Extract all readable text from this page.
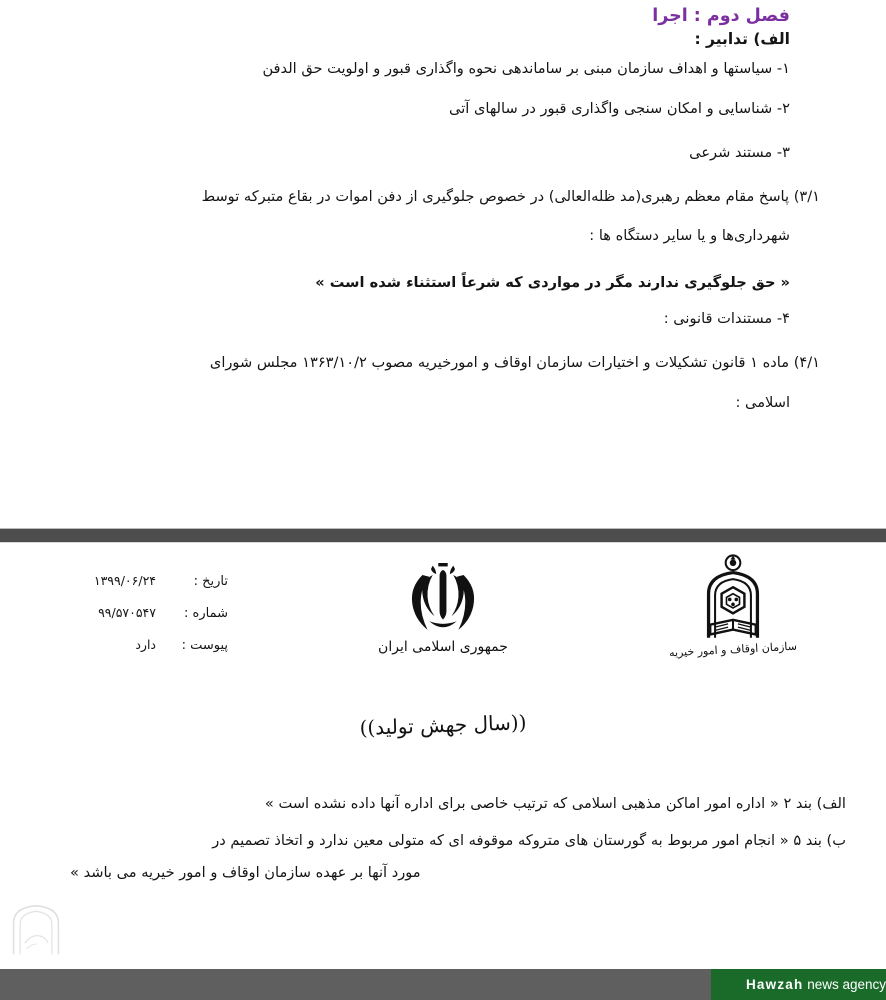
فصل دوم : اجرا
الف) تدابیر :
۱- سیاستها و اهداف سازمان مبنی بر ساماندهی نحوه واگذاری قبور و اولویت حق الدفن
۲- شناسایی و امکان سنجی واگذاری قبور در سالهای آتی
۳- مستند شرعی
۳/۱) پاسخ مقام معظم رهبری(مد ظله‌العالی) در خصوص جلوگیری از دفن اموات در بقاع متبرکه توسط
شهرداری‌ها و یا سایر دستگاه ها :
« حق جلوگیری ندارند مگر در مواردی که شرعاً استثناء شده است »
۴- مستندات قانونی :
۴/۱) ماده ۱ قانون تشکیلات و اختیارات سازمان اوقاف و امورخیریه مصوب ۱۳۶۳/۱۰/۲ مجلس شورای
اسلامی :
تاریخ :
۱۳۹۹/۰۶/۲۴
شماره :
۹۹/۵۷۰۵۴۷
پیوست :
دارد	جمهوری اسلامی ایران	سازمان اوقاف و امور خیریه
((سال جهش تولید))
الف) بند ۲ « اداره امور اماکن مذهبی اسلامی که ترتیب خاصی برای اداره آنها داده نشده است »
ب) بند ۵ « انجام امور مربوط به گورستان های متروکه موقوفه ای که متولی معین ندارد و اتخاذ تصمیم در
مورد آنها بر عهده سازمان اوقاف و امور خیریه می باشد »
Hawzah news agency
